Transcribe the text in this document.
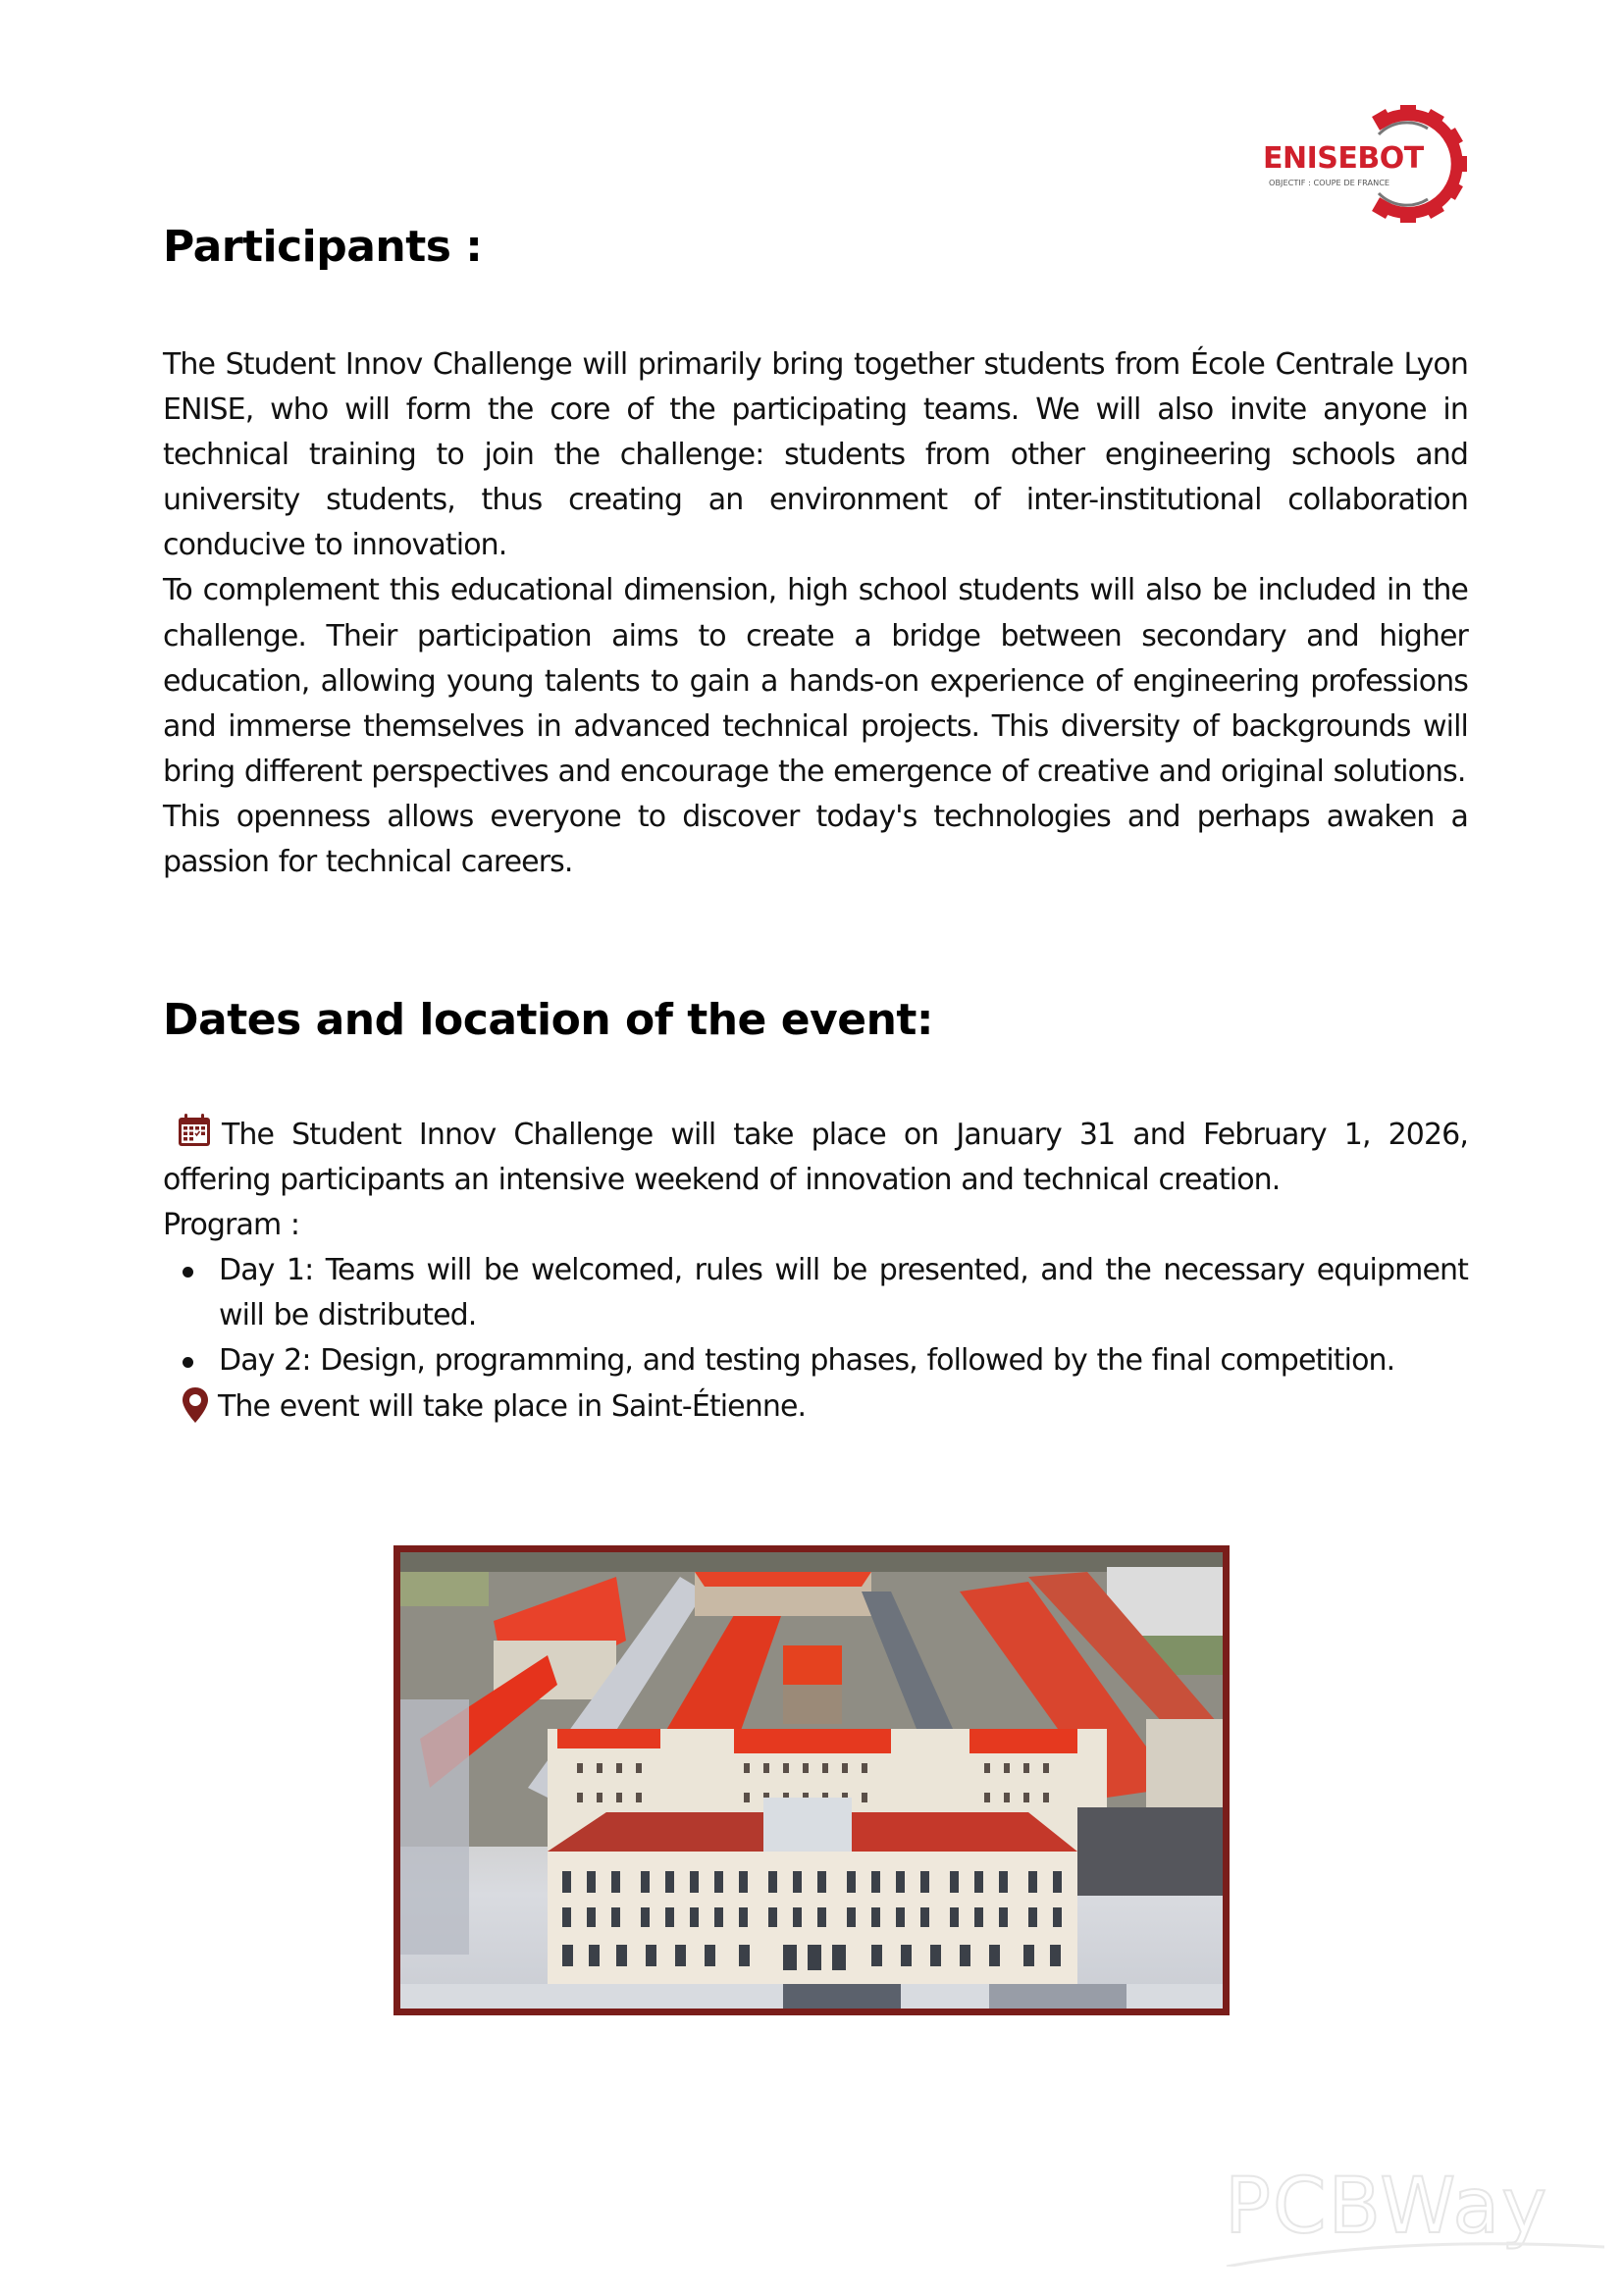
ENISEBOT
OBJECTIF : COUPE DE FRANCE
Participants :

The Student Innov Challenge will primarily bring together students from École Centrale Lyon ENISE, who will form the core of the participating teams. We will also invite anyone in technical training to join the challenge: students from other engineering schools and university students, thus creating an environment of inter-institutional collaboration conducive to innovation.

To complement this educational dimension, high school students will also be included in the challenge. Their participation aims to create a bridge between secondary and higher education, allowing young talents to gain a hands-on experience of engineering professions and immerse themselves in advanced technical projects. This diversity of backgrounds will bring different perspectives and encourage the emergence of creative and original solutions.

This openness allows everyone to discover today's technologies and perhaps awaken a passion for technical careers.

Dates and location of the event:

The Student Innov Challenge will take place on January 31 and February 1, 2026, offering participants an intensive weekend of innovation and technical creation.

Program :

Day 1: Teams will be welcomed, rules will be presented, and the necessary equipment will be distributed.
Day 2: Design, programming, and testing phases, followed by the final competition.

The event will take place in Saint-Étienne.

PCBWay
